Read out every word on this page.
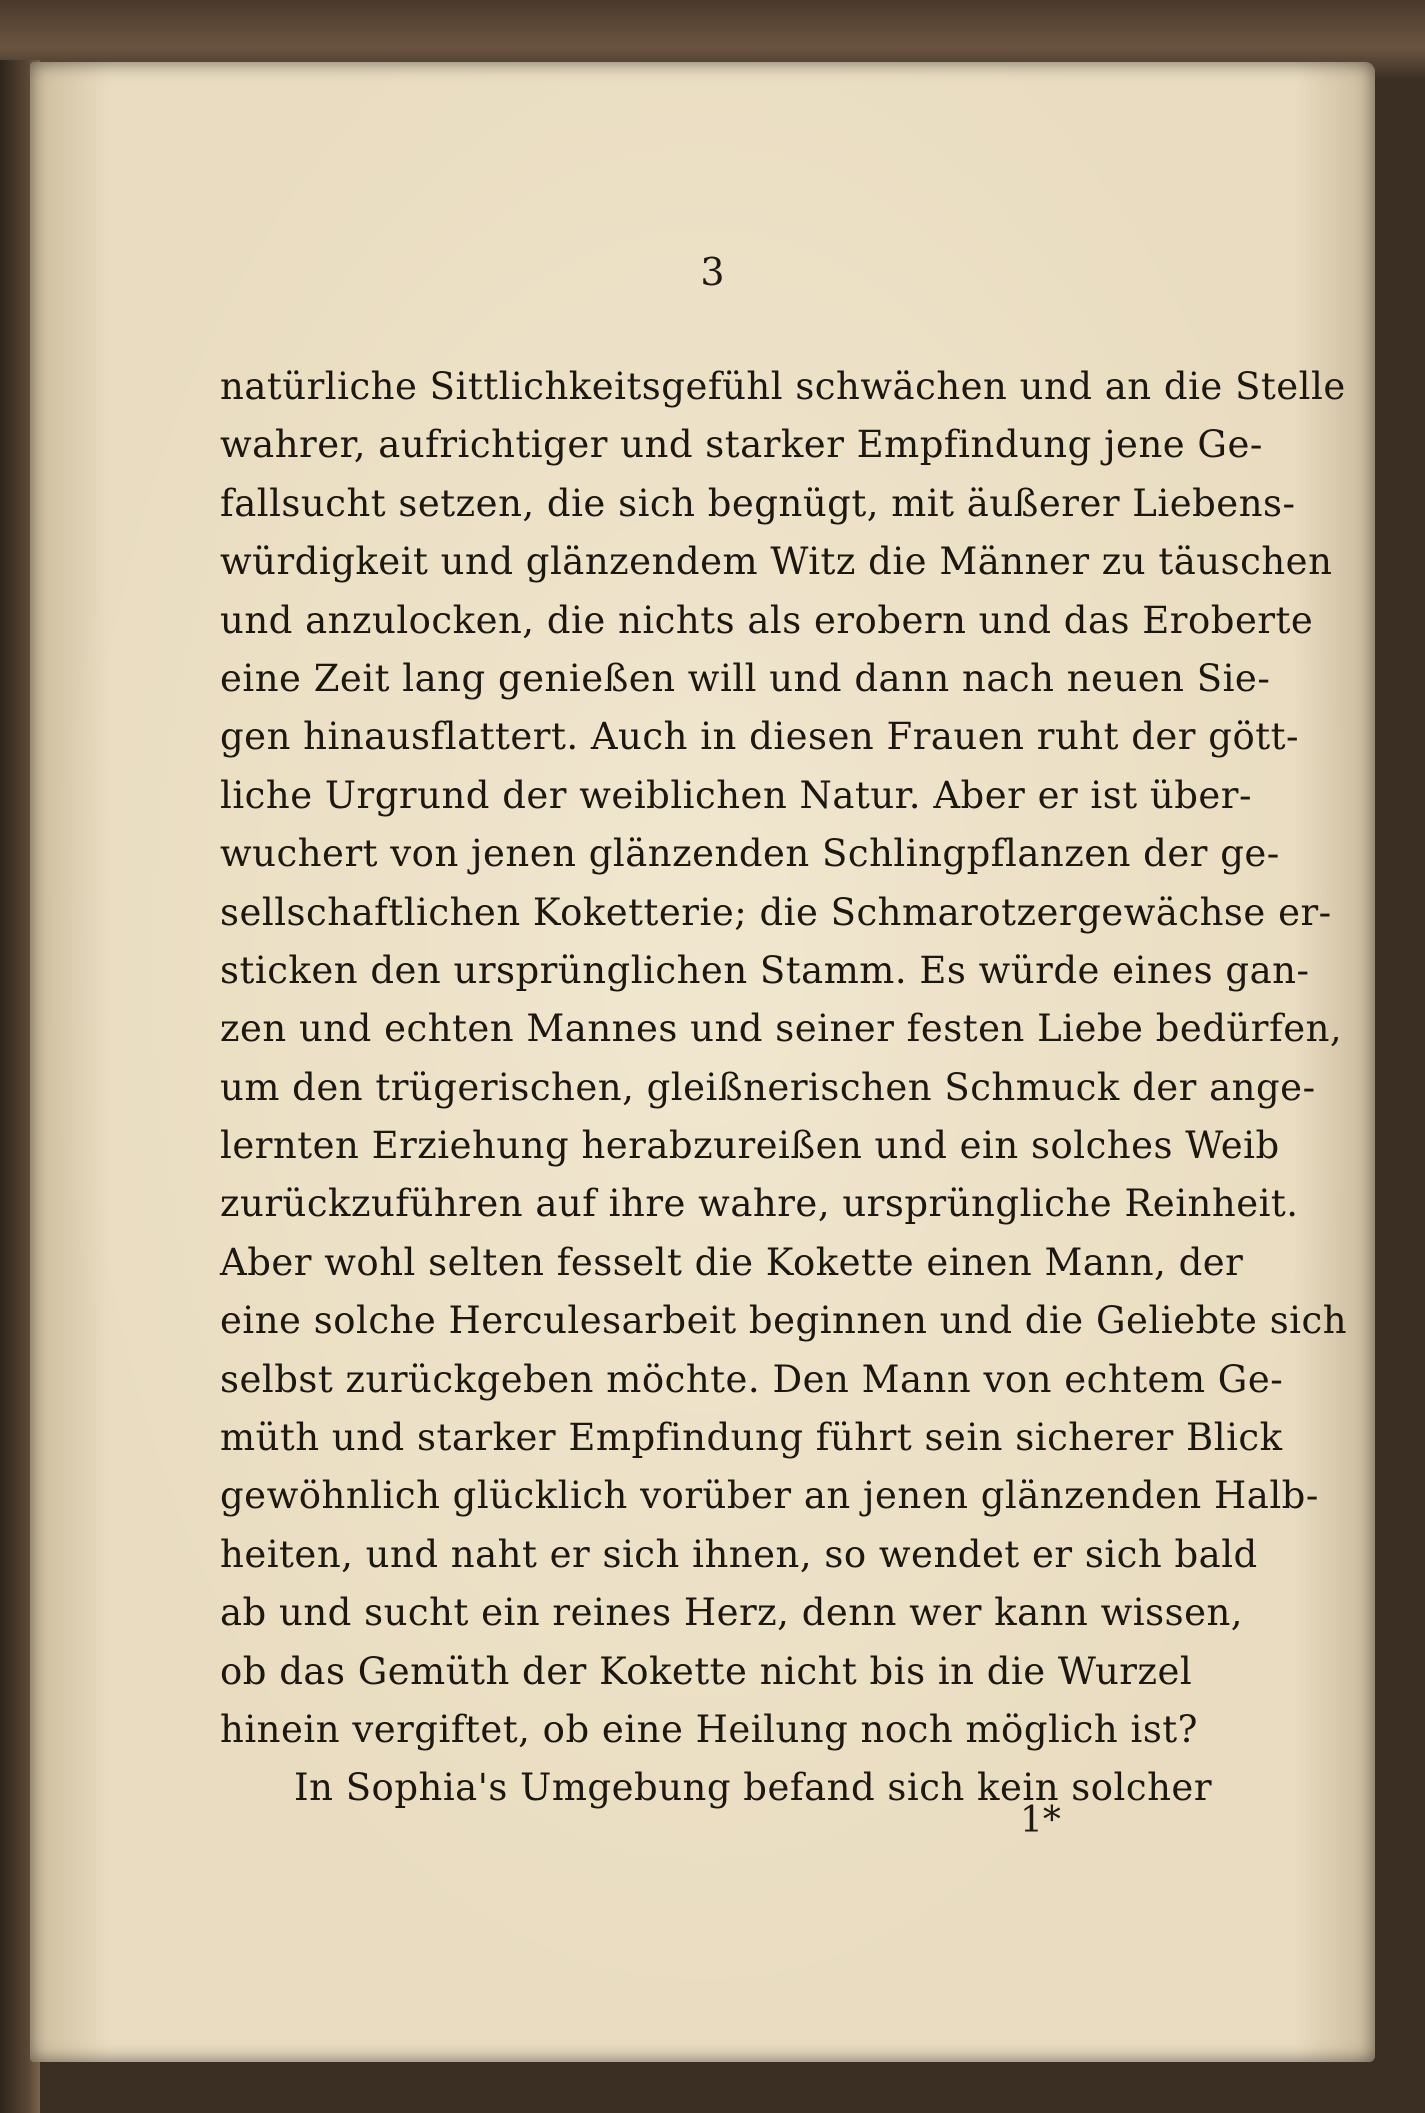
3
natürliche Sittlichkeitsgefühl schwächen und an die Stelle
wahrer, aufrichtiger und starker Empfindung jene Ge-
fallsucht setzen, die sich begnügt, mit äußerer Liebens-
würdigkeit und glänzendem Witz die Männer zu täuschen
und anzulocken, die nichts als erobern und das Eroberte
eine Zeit lang genießen will und dann nach neuen Sie-
gen hinausflattert. Auch in diesen Frauen ruht der gött-
liche Urgrund der weiblichen Natur. Aber er ist über-
wuchert von jenen glänzenden Schlingpflanzen der ge-
sellschaftlichen Koketterie; die Schmarotzergewächse er-
sticken den ursprünglichen Stamm. Es würde eines gan-
zen und echten Mannes und seiner festen Liebe bedürfen,
um den trügerischen, gleißnerischen Schmuck der ange-
lernten Erziehung herabzureißen und ein solches Weib
zurückzuführen auf ihre wahre, ursprüngliche Reinheit.
Aber wohl selten fesselt die Kokette einen Mann, der
eine solche Herculesarbeit beginnen und die Geliebte sich
selbst zurückgeben möchte. Den Mann von echtem Ge-
müth und starker Empfindung führt sein sicherer Blick
gewöhnlich glücklich vorüber an jenen glänzenden Halb-
heiten, und naht er sich ihnen, so wendet er sich bald
ab und sucht ein reines Herz, denn wer kann wissen,
ob das Gemüth der Kokette nicht bis in die Wurzel
hinein vergiftet, ob eine Heilung noch möglich ist?
In Sophia's Umgebung befand sich kein solcher
1*
